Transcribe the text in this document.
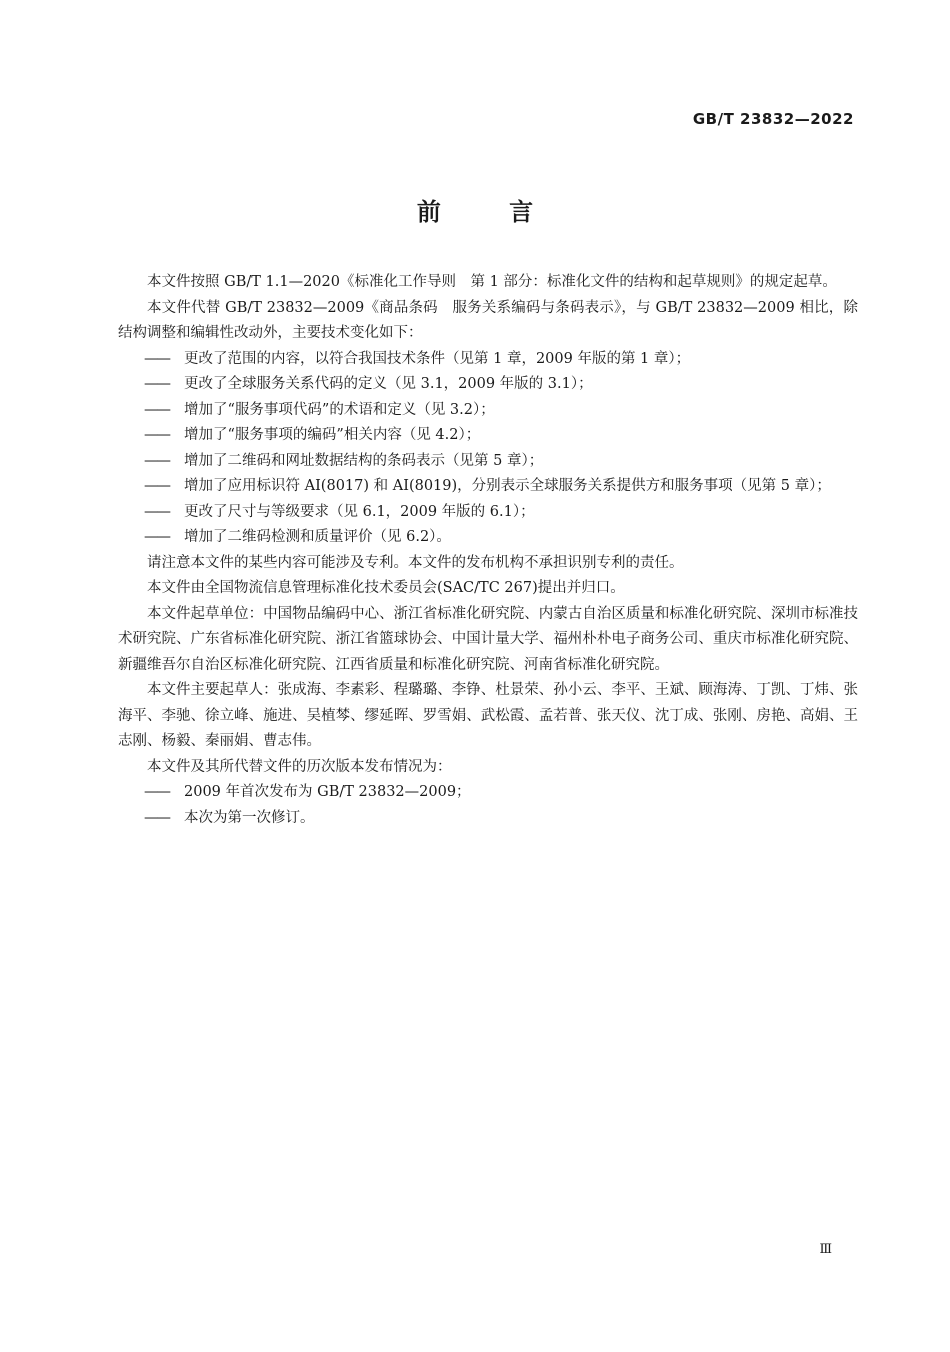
GB/T 23832—2022
前 言

本文件按照 GB/T 1.1—2020《标准化工作导则　第 1 部分：标准化文件的结构和起草规则》的规定起草。

本文件代替 GB/T 23832—2009《商品条码　服务关系编码与条码表示》，与 GB/T 23832—2009 相比，除结构调整和编辑性改动外，主要技术变化如下：

—— 更改了范围的内容，以符合我国技术条件（见第 1 章，2009 年版的第 1 章）；

—— 更改了全球服务关系代码的定义（见 3.1，2009 年版的 3.1）；

—— 增加了“服务事项代码”的术语和定义（见 3.2）；

—— 增加了“服务事项的编码”相关内容（见 4.2）；

—— 增加了二维码和网址数据结构的条码表示（见第 5 章）；

—— 增加了应用标识符 AI(8017) 和 AI(8019)，分别表示全球服务关系提供方和服务事项（见第 5 章）；

—— 更改了尺寸与等级要求（见 6.1，2009 年版的 6.1）；

—— 增加了二维码检测和质量评价（见 6.2）。

请注意本文件的某些内容可能涉及专利。本文件的发布机构不承担识别专利的责任。

本文件由全国物流信息管理标准化技术委员会(SAC/TC 267)提出并归口。

本文件起草单位：中国物品编码中心、浙江省标准化研究院、内蒙古自治区质量和标准化研究院、深圳市标准技术研究院、广东省标准化研究院、浙江省篮球协会、中国计量大学、福州朴朴电子商务公司、重庆市标准化研究院、新疆维吾尔自治区标准化研究院、江西省质量和标准化研究院、河南省标准化研究院。

本文件主要起草人：张成海、李素彩、程璐璐、李铮、杜景荣、孙小云、李平、王斌、顾海涛、丁凯、丁炜、张海平、李驰、徐立峰、施进、吴植棽、缪延晖、罗雪娟、武松霞、孟若普、张天仪、沈丁成、张刚、房艳、高娟、王志刚、杨毅、秦丽娟、曹志伟。

本文件及其所代替文件的历次版本发布情况为：

—— 2009 年首次发布为 GB/T 23832—2009；

—— 本次为第一次修订。

Ⅲ
